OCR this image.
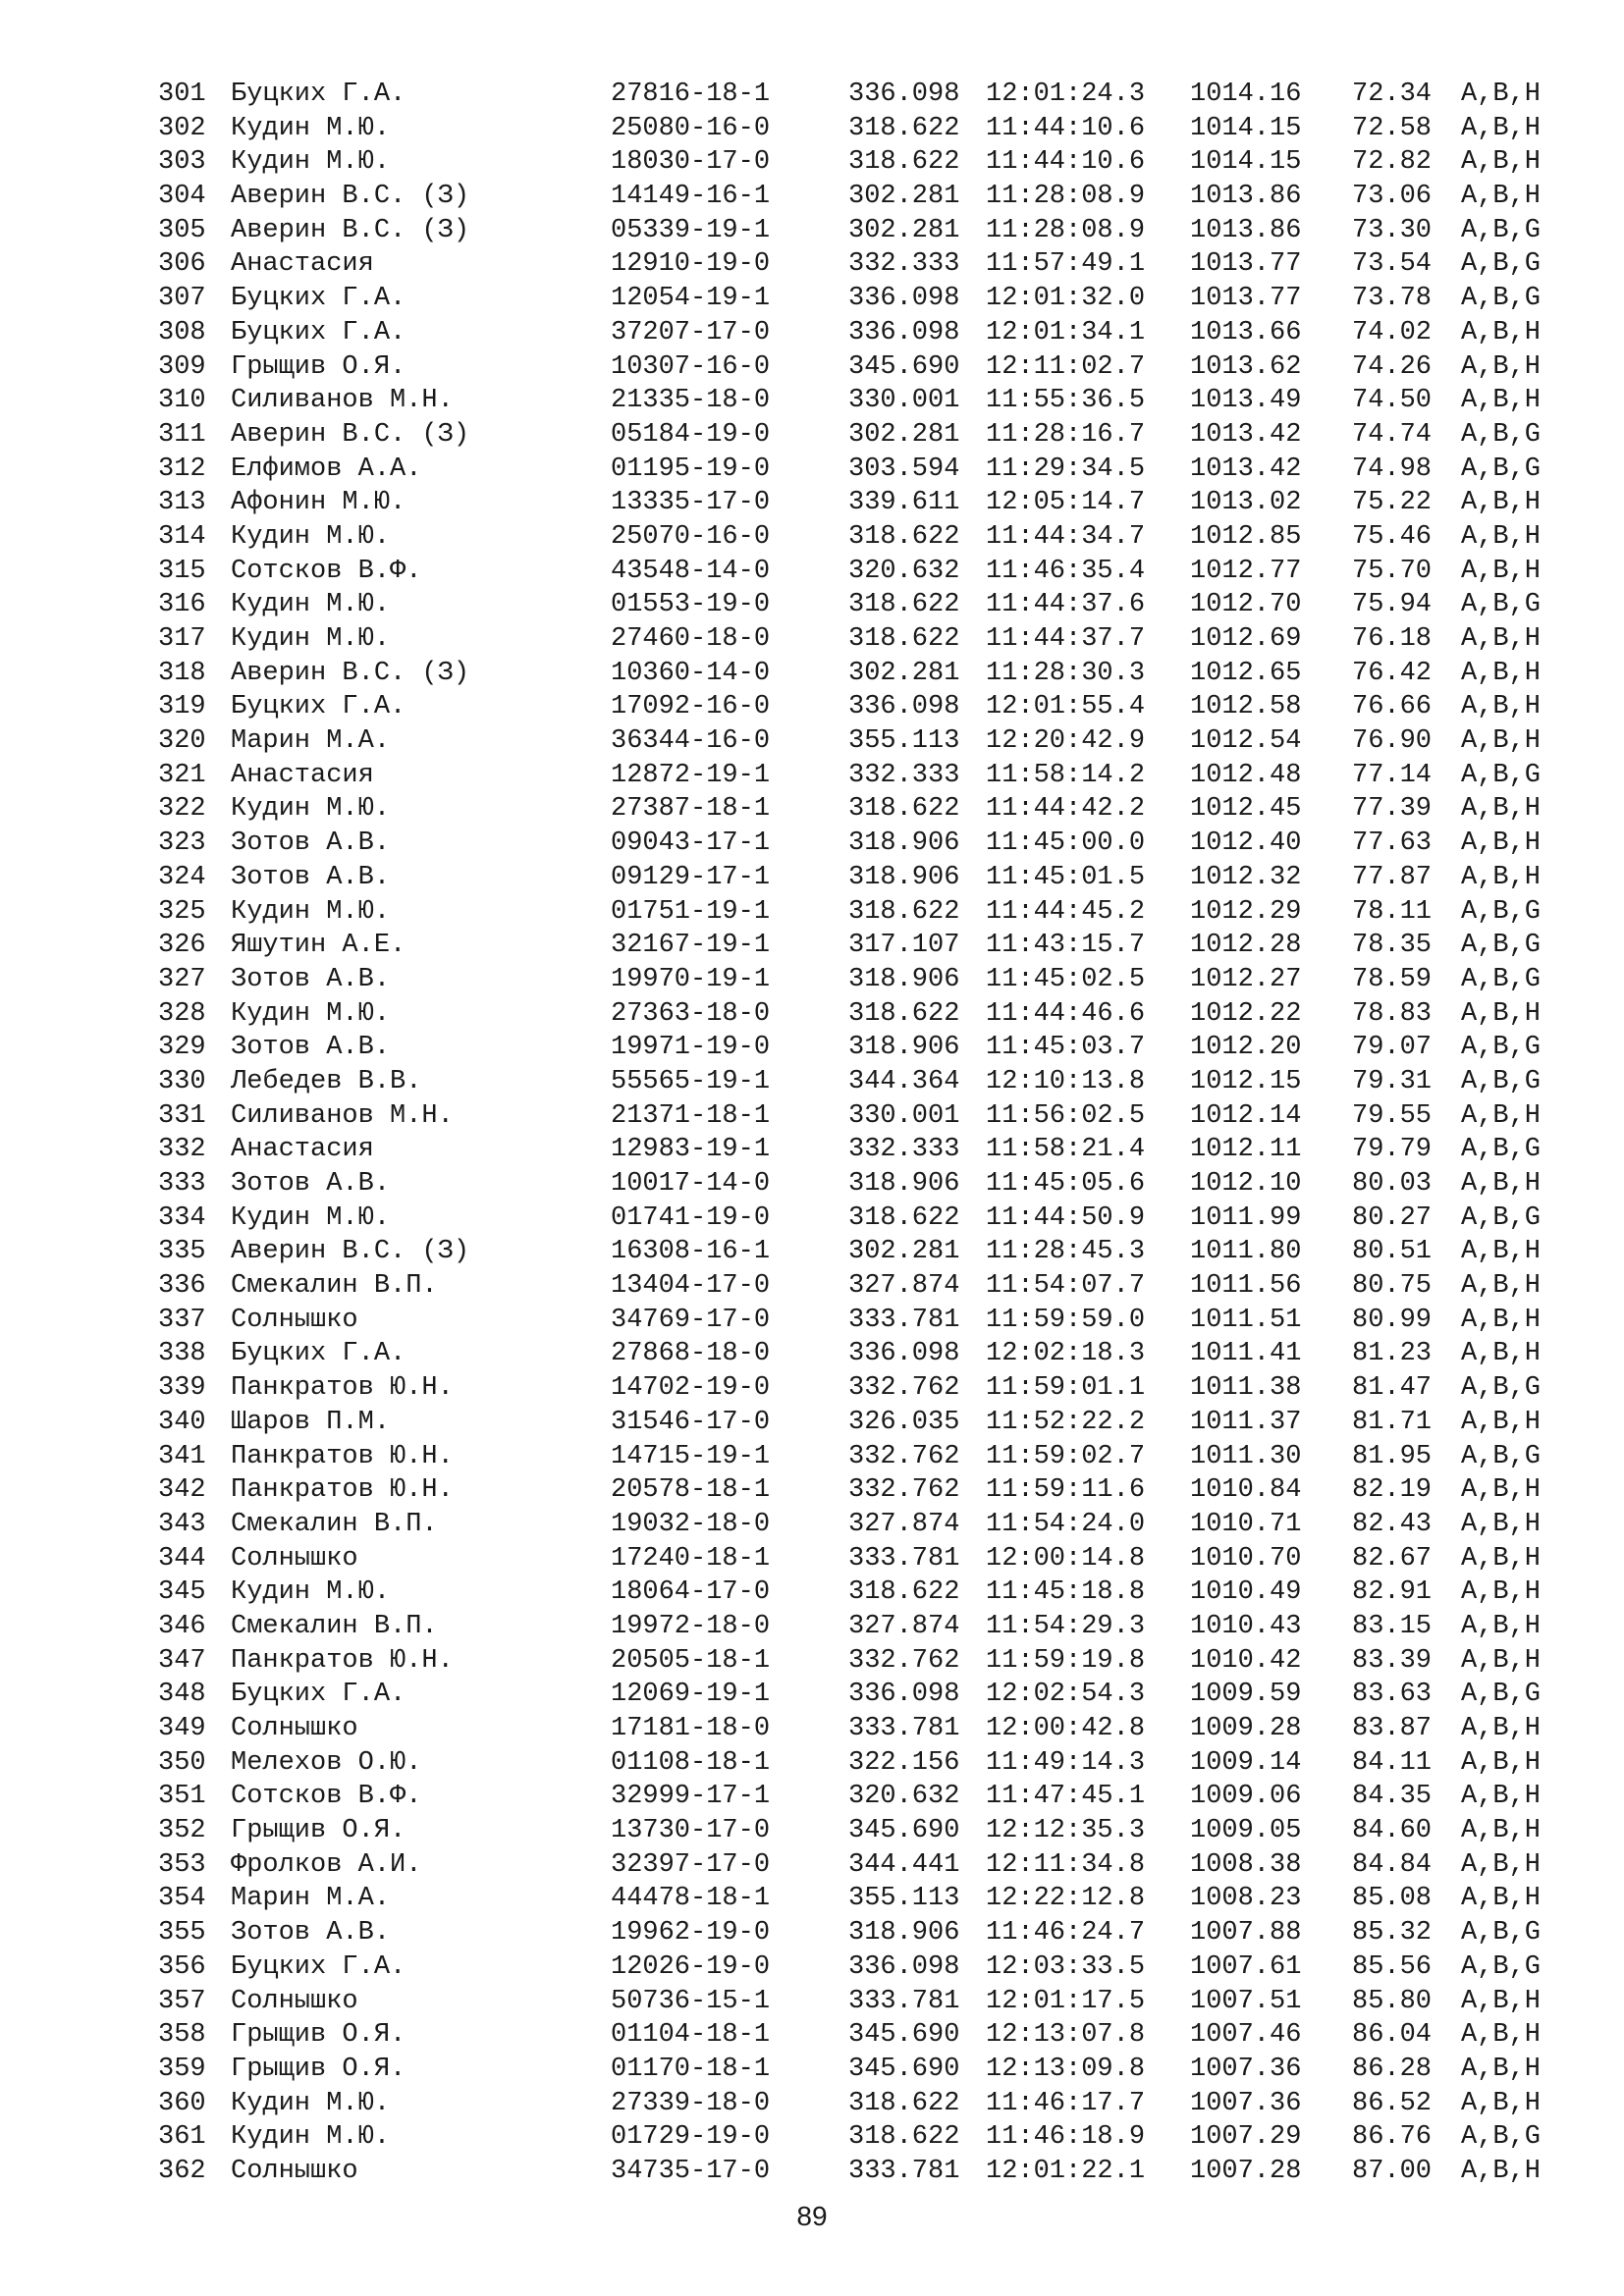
301 Буцких Г.А.	27816-18-1	336.098 12:01:24.3 1014.16 72.34 A,B,H
302 Кудин М.Ю.	25080-16-0	318.622 11:44:10.6 1014.15 72.58 A,B,H
303 Кудин М.Ю.	18030-17-0	318.622 11:44:10.6 1014.15 72.82 A,B,H
304 Аверин В.С. (З)	14149-16-1	302.281 11:28:08.9 1013.86 73.06 A,B,H
305 Аверин В.С. (З)	05339-19-1	302.281 11:28:08.9 1013.86 73.30 A,B,G
306 Анастасия	12910-19-0	332.333 11:57:49.1 1013.77 73.54 A,B,G
307 Буцких Г.А.	12054-19-1	336.098 12:01:32.0 1013.77 73.78 A,B,G
308 Буцких Г.А.	37207-17-0	336.098 12:01:34.1 1013.66 74.02 A,B,H
309 Грыщив О.Я.	10307-16-0	345.690 12:11:02.7 1013.62 74.26 A,B,H
310 Силиванов М.Н.	21335-18-0	330.001 11:55:36.5 1013.49 74.50 A,B,H
311 Аверин В.С. (З)	05184-19-0	302.281 11:28:16.7 1013.42 74.74 A,B,G
312 Елфимов А.А.	01195-19-0	303.594 11:29:34.5 1013.42 74.98 A,B,G
313 Афонин М.Ю.	13335-17-0	339.611 12:05:14.7 1013.02 75.22 A,B,H
314 Кудин М.Ю.	25070-16-0	318.622 11:44:34.7 1012.85 75.46 A,B,H
315 Сотсков В.Ф.	43548-14-0	320.632 11:46:35.4 1012.77 75.70 A,B,H
316 Кудин М.Ю.	01553-19-0	318.622 11:44:37.6 1012.70 75.94 A,B,G
317 Кудин М.Ю.	27460-18-0	318.622 11:44:37.7 1012.69 76.18 A,B,H
318 Аверин В.С. (З)	10360-14-0	302.281 11:28:30.3 1012.65 76.42 A,B,H
319 Буцких Г.А.	17092-16-0	336.098 12:01:55.4 1012.58 76.66 A,B,H
320 Марин М.А.	36344-16-0	355.113 12:20:42.9 1012.54 76.90 A,B,H
321 Анастасия	12872-19-1	332.333 11:58:14.2 1012.48 77.14 A,B,G
322 Кудин М.Ю.	27387-18-1	318.622 11:44:42.2 1012.45 77.39 A,B,H
323 Зотов А.В.	09043-17-1	318.906 11:45:00.0 1012.40 77.63 A,B,H
324 Зотов А.В.	09129-17-1	318.906 11:45:01.5 1012.32 77.87 A,B,H
325 Кудин М.Ю.	01751-19-1	318.622 11:44:45.2 1012.29 78.11 A,B,G
326 Яшутин А.Е.	32167-19-1	317.107 11:43:15.7 1012.28 78.35 A,B,G
327 Зотов А.В.	19970-19-1	318.906 11:45:02.5 1012.27 78.59 A,B,G
328 Кудин М.Ю.	27363-18-0	318.622 11:44:46.6 1012.22 78.83 A,B,H
329 Зотов А.В.	19971-19-0	318.906 11:45:03.7 1012.20 79.07 A,B,G
330 Лебедев В.В.	55565-19-1	344.364 12:10:13.8 1012.15 79.31 A,B,G
331 Силиванов М.Н.	21371-18-1	330.001 11:56:02.5 1012.14 79.55 A,B,H
332 Анастасия	12983-19-1	332.333 11:58:21.4 1012.11 79.79 A,B,G
333 Зотов А.В.	10017-14-0	318.906 11:45:05.6 1012.10 80.03 A,B,H
334 Кудин М.Ю.	01741-19-0	318.622 11:44:50.9 1011.99 80.27 A,B,G
335 Аверин В.С. (З)	16308-16-1	302.281 11:28:45.3 1011.80 80.51 A,B,H
336 Смекалин В.П.	13404-17-0	327.874 11:54:07.7 1011.56 80.75 A,B,H
337 Солнышко	34769-17-0	333.781 11:59:59.0 1011.51 80.99 A,B,H
338 Буцких Г.А.	27868-18-0	336.098 12:02:18.3 1011.41 81.23 A,B,H
339 Панкратов Ю.Н.	14702-19-0	332.762 11:59:01.1 1011.38 81.47 A,B,G
340 Шаров П.М.	31546-17-0	326.035 11:52:22.2 1011.37 81.71 A,B,H
341 Панкратов Ю.Н.	14715-19-1	332.762 11:59:02.7 1011.30 81.95 A,B,G
342 Панкратов Ю.Н.	20578-18-1	332.762 11:59:11.6 1010.84 82.19 A,B,H
343 Смекалин В.П.	19032-18-0	327.874 11:54:24.0 1010.71 82.43 A,B,H
344 Солнышко	17240-18-1	333.781 12:00:14.8 1010.70 82.67 A,B,H
345 Кудин М.Ю.	18064-17-0	318.622 11:45:18.8 1010.49 82.91 A,B,H
346 Смекалин В.П.	19972-18-0	327.874 11:54:29.3 1010.43 83.15 A,B,H
347 Панкратов Ю.Н.	20505-18-1	332.762 11:59:19.8 1010.42 83.39 A,B,H
348 Буцких Г.А.	12069-19-1	336.098 12:02:54.3 1009.59 83.63 A,B,G
349 Солнышко	17181-18-0	333.781 12:00:42.8 1009.28 83.87 A,B,H
350 Мелехов О.Ю.	01108-18-1	322.156 11:49:14.3 1009.14 84.11 A,B,H
351 Сотсков В.Ф.	32999-17-1	320.632 11:47:45.1 1009.06 84.35 A,B,H
352 Грыщив О.Я.	13730-17-0	345.690 12:12:35.3 1009.05 84.60 A,B,H
353 Фролков А.И.	32397-17-0	344.441 12:11:34.8 1008.38 84.84 A,B,H
354 Марин М.А.	44478-18-1	355.113 12:22:12.8 1008.23 85.08 A,B,H
355 Зотов А.В.	19962-19-0	318.906 11:46:24.7 1007.88 85.32 A,B,G
356 Буцких Г.А.	12026-19-0	336.098 12:03:33.5 1007.61 85.56 A,B,G
357 Солнышко	50736-15-1	333.781 12:01:17.5 1007.51 85.80 A,B,H
358 Грыщив О.Я.	01104-18-1	345.690 12:13:07.8 1007.46 86.04 A,B,H
359 Грыщив О.Я.	01170-18-1	345.690 12:13:09.8 1007.36 86.28 A,B,H
360 Кудин М.Ю.	27339-18-0	318.622 11:46:17.7 1007.36 86.52 A,B,H
361 Кудин М.Ю.	01729-19-0	318.622 11:46:18.9 1007.29 86.76 A,B,G
362 Солнышко	34735-17-0	333.781 12:01:22.1 1007.28 87.00 A,B,H
89
